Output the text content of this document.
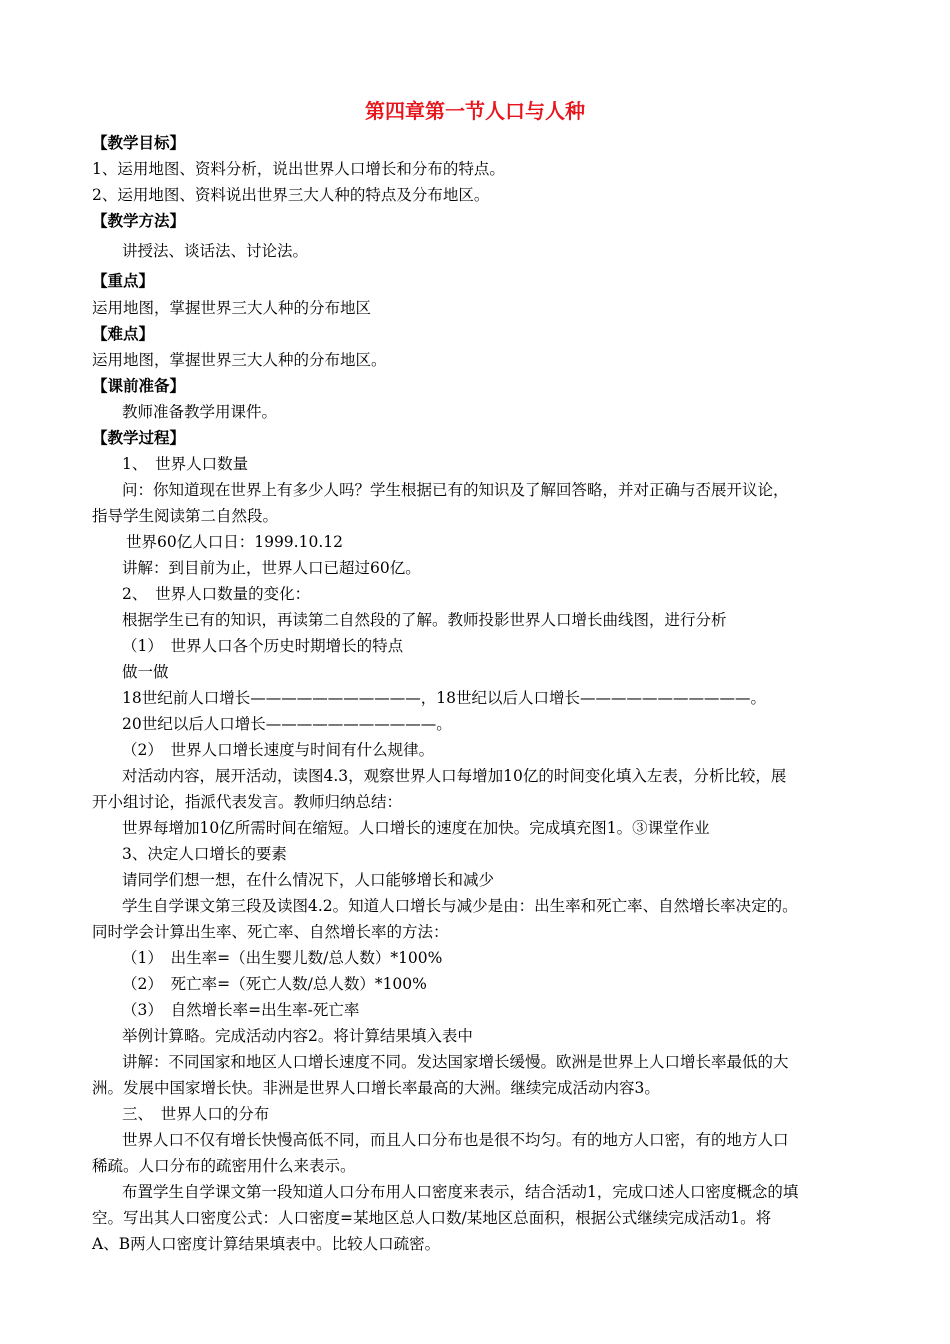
第四章第一节人口与人种
【教学目标】
1、运用地图、资料分析，说出世界人口增长和分布的特点。
2、运用地图、资料说出世界三大人种的特点及分布地区。
【教学方法】
讲授法、谈话法、讨论法。
【重点】
运用地图，掌握世界三大人种的分布地区
【难点】
运用地图，掌握世界三大人种的分布地区。
【课前准备】
教师准备教学用课件。
【教学过程】
1、　世界人口数量
问：你知道现在世界上有多少人吗？学生根据已有的知识及了解回答略，并对正确与否展开议论，
指导学生阅读第二自然段。
世界60亿人口日：1999.10.12
讲解：到目前为止，世界人口已超过60亿。
2、　世界人口数量的变化：
根据学生已有的知识，再读第二自然段的了解。教师投影世界人口增长曲线图，进行分析
（1）　世界人口各个历史时期增长的特点
做一做
18世纪前人口增长———————————，18世纪以后人口增长———————————。
20世纪以后人口增长———————————。
（2）　世界人口增长速度与时间有什么规律。
对活动内容，展开活动，读图4.3，观察世界人口每增加10亿的时间变化填入左表，分析比较，展
开小组讨论，指派代表发言。教师归纳总结：
世界每增加10亿所需时间在缩短。人口增长的速度在加快。完成填充图1。③课堂作业
3、决定人口增长的要素
请同学们想一想，在什么情况下，人口能够增长和减少
学生自学课文第三段及读图4.2。知道人口增长与减少是由：出生率和死亡率、自然增长率决定的。
同时学会计算出生率、死亡率、自然增长率的方法：
（1）　出生率=（出生婴儿数/总人数）*100%
（2）　死亡率=（死亡人数/总人数）*100%
（3）　自然增长率=出生率-死亡率
举例计算略。完成活动内容2。将计算结果填入表中
讲解：不同国家和地区人口增长速度不同。发达国家增长缓慢。欧洲是世界上人口增长率最低的大
洲。发展中国家增长快。非洲是世界人口增长率最高的大洲。继续完成活动内容3。
三、　世界人口的分布
世界人口不仅有增长快慢高低不同，而且人口分布也是很不均匀。有的地方人口密，有的地方人口
稀疏。人口分布的疏密用什么来表示。
布置学生自学课文第一段知道人口分布用人口密度来表示，结合活动1，完成口述人口密度概念的填
空。写出其人口密度公式：人口密度=某地区总人口数/某地区总面积，根据公式继续完成活动1。将
A、B两人口密度计算结果填表中。比较人口疏密。
